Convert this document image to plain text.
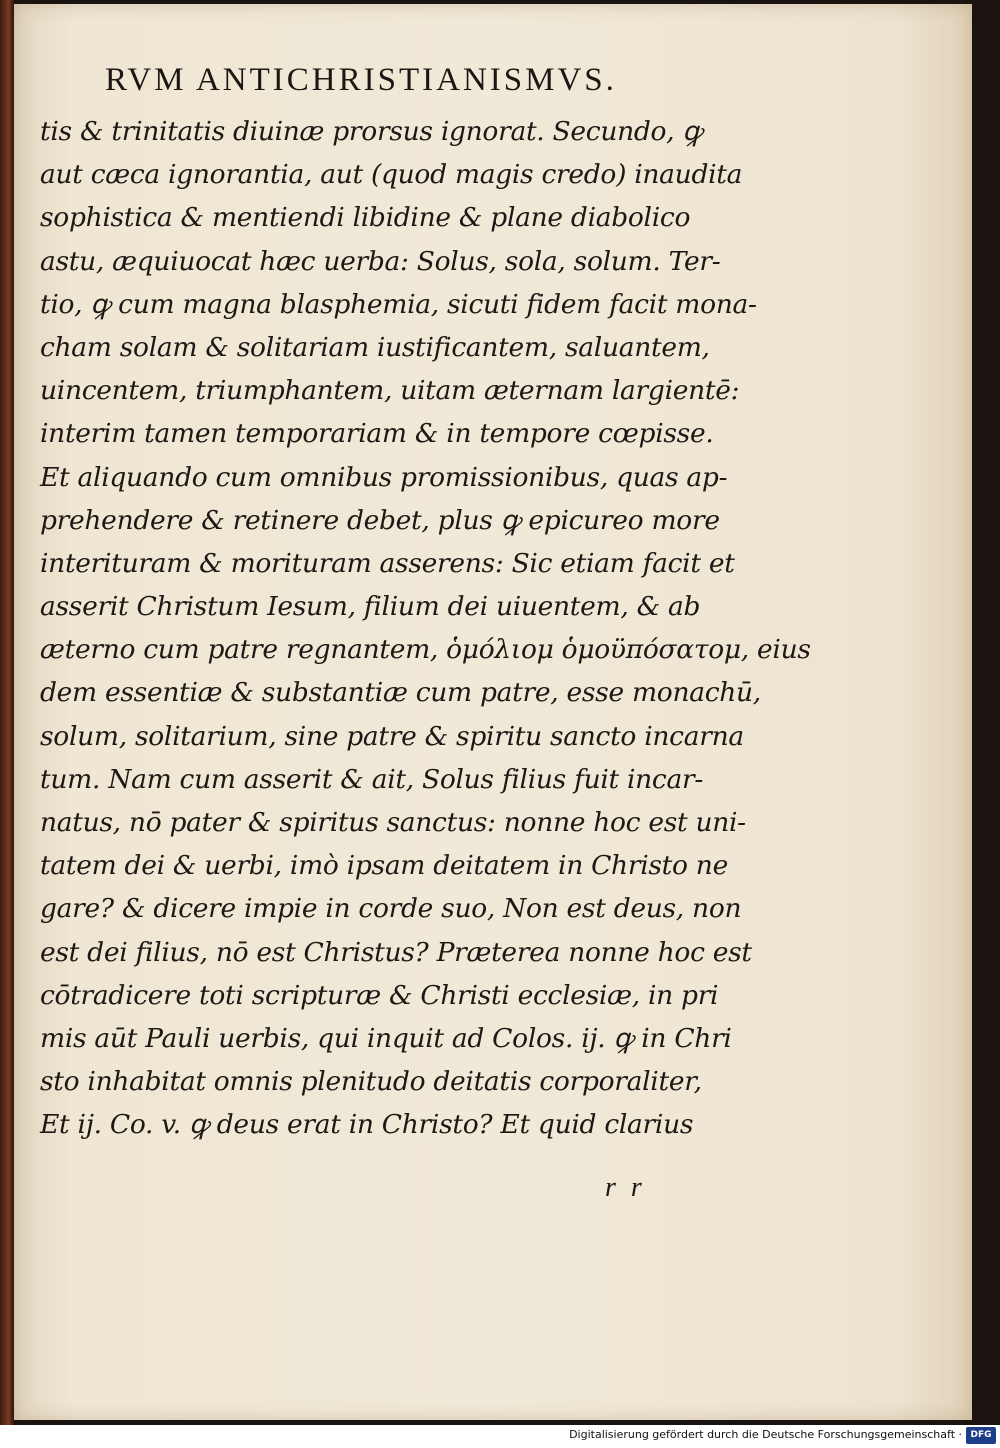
RVM ANTICHRISTIANISMVS.
tis & trinitatis diuinæ prorsus ignorat. Secundo, ꝙ
aut cæca ignorantia, aut (quod magis credo) inaudita
sophistica & mentiendi libidine & plane diabolico
astu, æquiuocat hæc uerba: Solus, sola, solum. Ter-
tio, ꝙ cum magna blasphemia, sicuti fidem facit mona-
cham solam & solitariam iustificantem, saluantem,
uincentem, triumphantem, uitam æternam largientē:
interim tamen temporariam & in tempore cœpisse.
Et aliquando cum omnibus promissionibus, quas ap-
prehendere & retinere debet, plus ꝙ epicureo more
interituram & morituram asserens: Sic etiam facit et
asserit Christum Iesum, filium dei uiuentem, & ab
æterno cum patre regnantem, ὁμόλιομ ὁμοϋπόσατομ, eius
dem essentiæ & substantiæ cum patre, esse monachū,
solum, solitarium, sine patre & spiritu sancto incarna
tum. Nam cum asserit & ait, Solus filius fuit incar-
natus, nō pater & spiritus sanctus: nonne hoc est uni-
tatem dei & uerbi, imò ipsam deitatem in Christo ne
gare? & dicere impie in corde suo, Non est deus, non
est dei filius, nō est Christus? Præterea nonne hoc est
cōtradicere toti scripturæ & Christi ecclesiæ, in pri
mis aūt Pauli uerbis, qui inquit ad Colos. ij. ꝙ in Chri
sto inhabitat omnis plenitudo deitatis corporaliter,
Et ij. Co. v. ꝙ deus erat in Christo? Et quid clarius
r r
Digitalisierung gefördert durch die Deutsche Forschungsgemeinschaft · DFG
